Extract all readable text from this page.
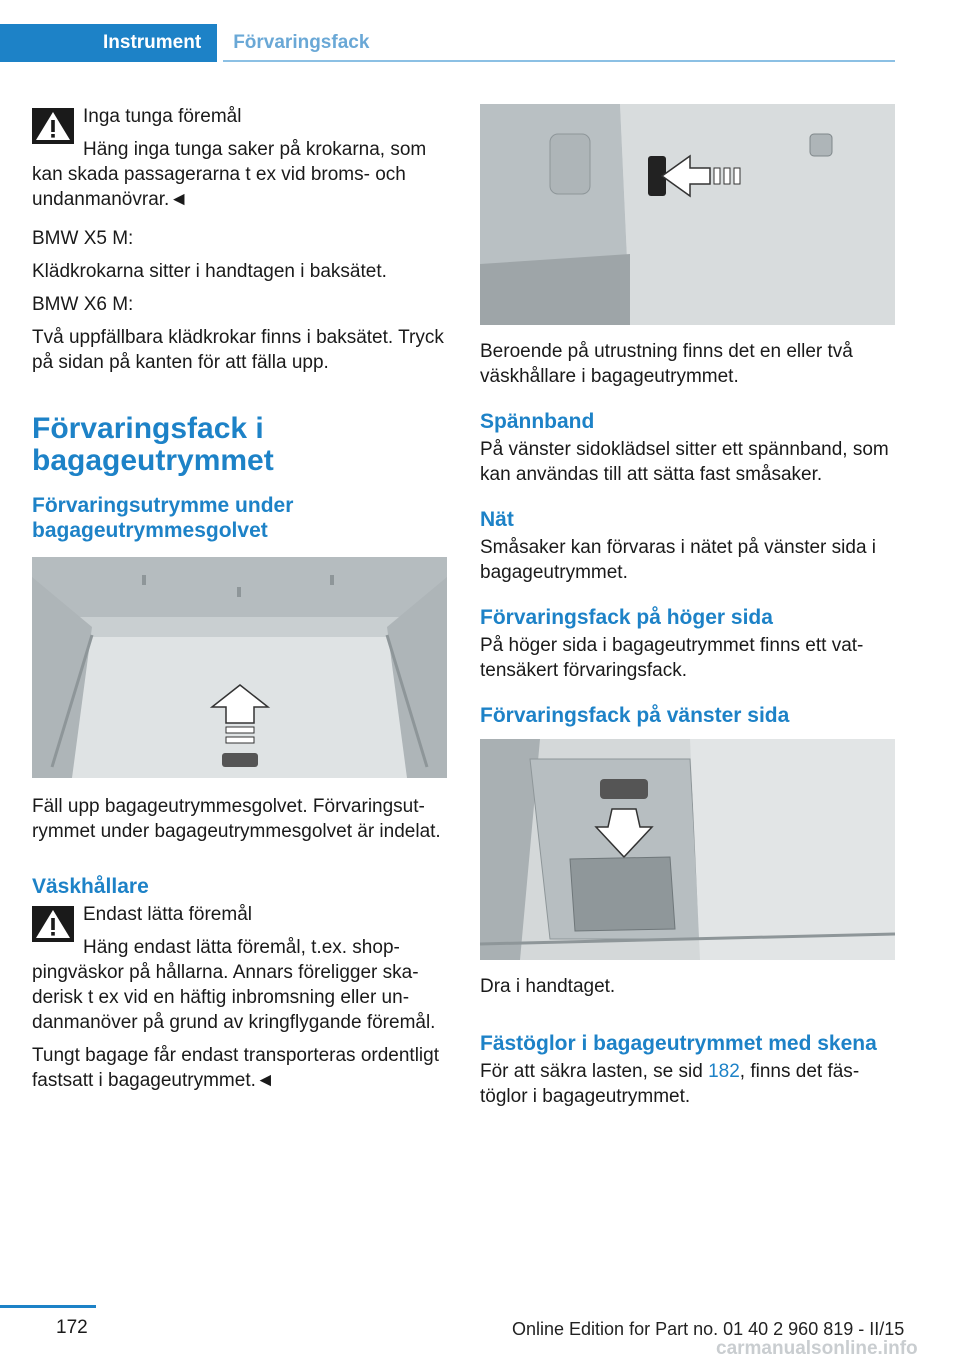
Instrument	Förvaringsfack

Inga tunga föremål

Häng inga tunga saker på krokarna, som kan skada passagerarna t ex vid broms- och undanmanövrar.◄

BMW X5 M:

Klädkrokarna sitter i handtagen i baksätet.

BMW X6 M:

Två uppfällbara klädkrokar finns i baksätet. Tryck på sidan på kanten för att fälla upp.

Förvaringsfack i bagageutrymmet
Förvaringsutrymme under bagageutrymmesgolvet

Fäll upp bagageutrymmesgolvet. Förvaringsutrymmet under bagageutrymmesgolvet är indelat.

Väskhållare

Endast lätta föremål

Häng endast lätta föremål, t.ex. shoppingväskor på hållarna. Annars föreligger skaderisk t ex vid en häftig inbromsning eller undanmanöver på grund av kringflygande föremål.

Tungt bagage får endast transporteras ordentligt fastsatt i bagageutrymmet.◄

Beroende på utrustning finns det en eller två väskhållare i bagageutrymmet.

Spännband

På vänster sidoklädsel sitter ett spännband, som kan användas till att sätta fast småsaker.

Nät

Småsaker kan förvaras i nätet på vänster sida i bagageutrymmet.

Förvaringsfack på höger sida

På höger sida i bagageutrymmet finns ett vattensäkert förvaringsfack.

Förvaringsfack på vänster sida

Dra i handtaget.

Fästöglor i bagageutrymmet med skena

För att säkra lasten, se sid 182, finns det fästöglor i bagageutrymmet.

172	Online Edition for Part no. 01 40 2 960 819 - II/15
carmanualsonline.info
